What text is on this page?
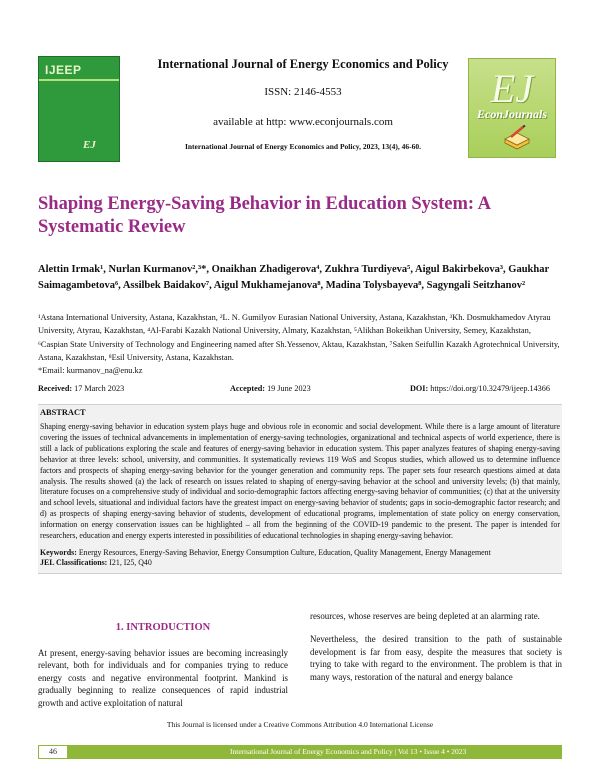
IJEEP
EJ
International Journal of Energy Economics and Policy
ISSN: 2146-4553
available at http: www.econjournals.com
International Journal of Energy Economics and Policy, 2023, 13(4), 46-60.
EJ
EconJournals
Shaping Energy-Saving Behavior in Education System: A Systematic Review
Alettin Irmak¹, Nurlan Kurmanov²,³*, Onaikhan Zhadigerova⁴, Zukhra Turdiyeva⁵, Aigul Bakirbekova³, Gaukhar Saimagambetova⁶, Assilbek Baidakov⁷, Aigul Mukhamejanova⁸, Madina Tolysbayeva⁸, Sagyngali Seitzhanov²
¹Astana International University, Astana, Kazakhstan, ²L. N. Gumilyov Eurasian National University, Astana, Kazakhstan, ³Kh. Dosmukhamedov Atyrau University, Atyrau, Kazakhstan, ⁴Al-Farabi Kazakh National University, Almaty, Kazakhstan, ⁵Alikhan Bokeikhan University, Semey, Kazakhstan, ⁶Caspian State University of Technology and Engineering named after Sh.Yessenov, Aktau, Kazakhstan, ⁷Saken Seifullin Kazakh Agrotechnical University, Astana, Kazakhstan, ⁸Esil University, Astana, Kazakhstan.
*Email: kurmanov_na@enu.kz
Received: 17 March 2023	Accepted: 19 June 2023	DOI: https://doi.org/10.32479/ijeep.14366
ABSTRACT

Shaping energy-saving behavior in education system plays huge and obvious role in economic and social development. While there is a large amount of literature covering the issues of technical advancements in implementation of energy-saving technologies, organizational and technical aspects of world experience, there is still a lack of publications exploring the scale and features of energy-saving behavior in education system. This paper analyzes features of shaping energy-saving behavior at three levels: school, university, and communities. It systematically reviews 119 WoS and Scopus studies, which allowed us to determine influence factors and prospects of shaping energy-saving behavior for the younger generation and community reps. The paper sets four research questions aimed at data analysis. The results showed (a) the lack of research on issues related to shaping of energy-saving behavior at the school and university levels; (b) that mainly, literature focuses on a comprehensive study of individual and socio-demographic factors affecting energy-saving behavior of communities; (c) that at the university and school levels, situational and individual factors have the greatest impact on energy-saving behavior of students; gaps in socio-demographic factor research; and d) as prospects of shaping energy-saving behavior of students, development of educational programs, implementation of state policy on energy conservation, information on energy conservation issues can be highlighted – all from the beginning of the COVID-19 pandemic to the present. The paper is intended for researchers, education and energy experts interested in possibilities of educational technologies in shaping energy-saving behavior.

Keywords: Energy Resources, Energy-Saving Behavior, Energy Consumption Culture, Education, Quality Management, Energy Management
JEL Classifications: I21, I25, Q40
1. INTRODUCTION

At present, energy-saving behavior issues are becoming increasingly relevant, both for individuals and for companies trying to reduce energy costs and negative environmental footprint. Mankind is gradually beginning to realize consequences of rapid industrial growth and active exploitation of natural

resources, whose reserves are being depleted at an alarming rate.

Nevertheless, the desired transition to the path of sustainable development is far from easy, despite the measures that society is trying to take with regard to the environment. The problem is that in many ways, restoration of the natural and energy balance

This Journal is licensed under a Creative Commons Attribution 4.0 International License
46	International Journal of Energy Economics and Policy | Vol 13 • Issue 4 • 2023
